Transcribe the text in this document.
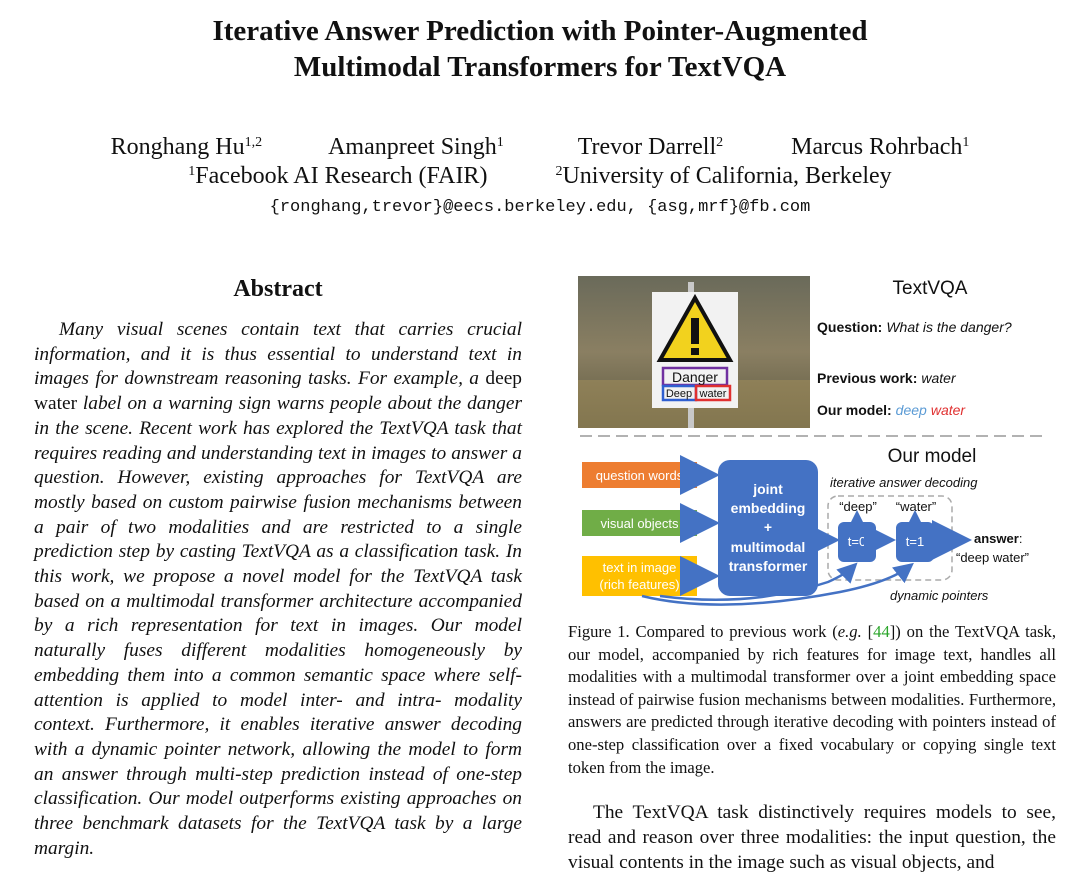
Iterative Answer Prediction with Pointer-Augmented
Multimodal Transformers for TextVQA
Ronghang Hu$^{1,2}$	Amanpreet Singh$^1$	Trevor Darrell$^2$	Marcus Rohrbach$^1$
$^1$Facebook AI Research (FAIR)	$^2$University of California, Berkeley
{ronghang,trevor}@eecs.berkeley.edu, {asg,mrf}@fb.com
Abstract
Many visual scenes contain text that carries crucial information, and it is thus essential to understand text in images for downstream reasoning tasks. For example, a deep water label on a warning sign warns people about the danger in the scene. Recent work has explored the TextVQA task that requires reading and understanding text in images to answer a question. However, existing approaches for TextVQA are mostly based on custom pairwise fusion mechanisms between a pair of two modalities and are restricted to a single prediction step by casting TextVQA as a classification task. In this work, we propose a novel model for the TextVQA task based on a multimodal transformer architecture accompanied by a rich representation for text in images. Our model naturally fuses different modalities homogeneously by embedding them into a common semantic space where self-attention is applied to model inter- and intra- modality context. Furthermore, it enables iterative answer decoding with a dynamic pointer network, allowing the model to form an answer through multi-step prediction instead of one-step classification. Our model outperforms existing approaches on three benchmark datasets for the TextVQA task by a large margin.
Danger
Deep water
TextVQA
Question: What is the danger?
Previous work: water
Our model: deep water
Our model
question words
visual objects
text in image
(rich features)
joint
embedding
+
multimodal
transformer
iterative answer decoding
“deep” “water”
t=0	t=1	answer:
“deep water”
dynamic pointers
Figure 1. Compared to previous work (e.g. [44]) on the TextVQA task, our model, accompanied by rich features for image text, handles all modalities with a multimodal transformer over a joint embedding space instead of pairwise fusion mechanisms between modalities. Furthermore, answers are predicted through iterative decoding with pointers instead of one-step classification over a fixed vocabulary or copying single text token from the image.
The TextVQA task distinctively requires models to see, read and reason over three modalities: the input question, the visual contents in the image such as visual objects, and
